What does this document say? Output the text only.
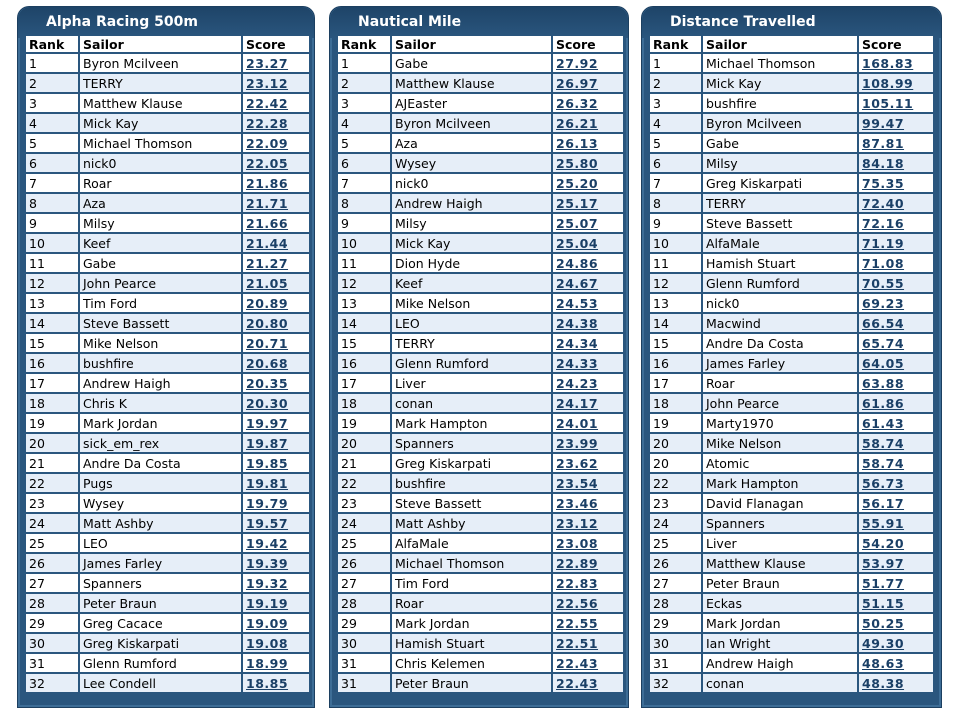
Alpha Racing 500m
Rank	Sailor	Score
1	Byron Mcilveen	23.27
2	TERRY	23.12
3	Matthew Klause	22.42
4	Mick Kay	22.28
5	Michael Thomson	22.09
6	nick0	22.05
7	Roar	21.86
8	Aza	21.71
9	Milsy	21.66
10	Keef	21.44
11	Gabe	21.27
12	John Pearce	21.05
13	Tim Ford	20.89
14	Steve Bassett	20.80
15	Mike Nelson	20.71
16	bushfire	20.68
17	Andrew Haigh	20.35
18	Chris K	20.30
19	Mark Jordan	19.97
20	sick_em_rex	19.87
21	Andre Da Costa	19.85
22	Pugs	19.81
23	Wysey	19.79
24	Matt Ashby	19.57
25	LEO	19.42
26	James Farley	19.39
27	Spanners	19.32
28	Peter Braun	19.19
29	Greg Cacace	19.09
30	Greg Kiskarpati	19.08
31	Glenn Rumford	18.99
32	Lee Condell	18.85
Nautical Mile
Rank	Sailor	Score
1	Gabe	27.92
2	Matthew Klause	26.97
3	AJEaster	26.32
4	Byron Mcilveen	26.21
5	Aza	26.13
6	Wysey	25.80
7	nick0	25.20
8	Andrew Haigh	25.17
9	Milsy	25.07
10	Mick Kay	25.04
11	Dion Hyde	24.86
12	Keef	24.67
13	Mike Nelson	24.53
14	LEO	24.38
15	TERRY	24.34
16	Glenn Rumford	24.33
17	Liver	24.23
18	conan	24.17
19	Mark Hampton	24.01
20	Spanners	23.99
21	Greg Kiskarpati	23.62
22	bushfire	23.54
23	Steve Bassett	23.46
24	Matt Ashby	23.12
25	AlfaMale	23.08
26	Michael Thomson	22.89
27	Tim Ford	22.83
28	Roar	22.56
29	Mark Jordan	22.55
30	Hamish Stuart	22.51
31	Chris Kelemen	22.43
31	Peter Braun	22.43
Distance Travelled
Rank	Sailor	Score
1	Michael Thomson	168.83
2	Mick Kay	108.99
3	bushfire	105.11
4	Byron Mcilveen	99.47
5	Gabe	87.81
6	Milsy	84.18
7	Greg Kiskarpati	75.35
8	TERRY	72.40
9	Steve Bassett	72.16
10	AlfaMale	71.19
11	Hamish Stuart	71.08
12	Glenn Rumford	70.55
13	nick0	69.23
14	Macwind	66.54
15	Andre Da Costa	65.74
16	James Farley	64.05
17	Roar	63.88
18	John Pearce	61.86
19	Marty1970	61.43
20	Mike Nelson	58.74
20	Atomic	58.74
22	Mark Hampton	56.73
23	David Flanagan	56.17
24	Spanners	55.91
25	Liver	54.20
26	Matthew Klause	53.97
27	Peter Braun	51.77
28	Eckas	51.15
29	Mark Jordan	50.25
30	Ian Wright	49.30
31	Andrew Haigh	48.63
32	conan	48.38
